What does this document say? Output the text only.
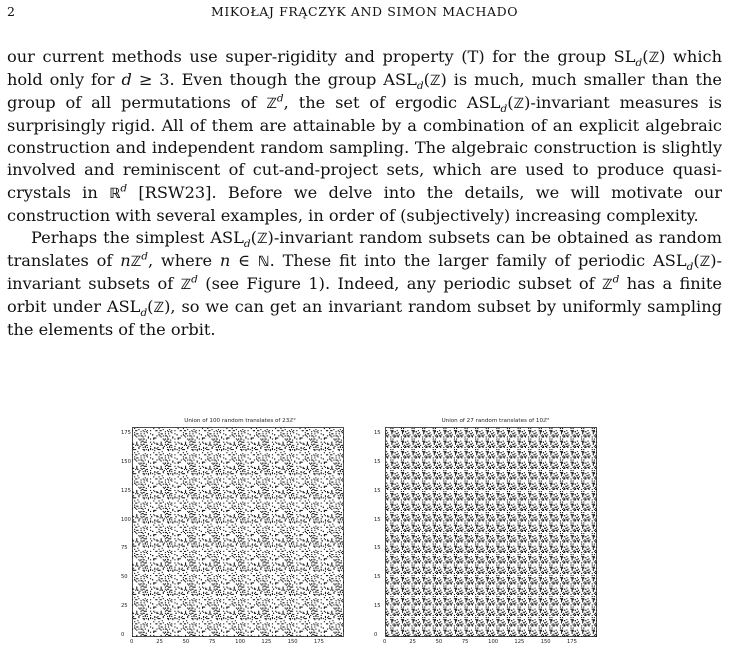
2	MIKOŁAJ FRĄCZYK AND SIMON MACHADO

our current methods use super-rigidity and property (T) for the group $SL_d(ℤ)$ which hold only for d ≥ 3. Even though the group $ASL_d(ℤ)$ is much, much smaller than the group of all permutations of ℤ$^d$, the set of ergodic $ASL_d(ℤ)$-invariant measures is surprisingly rigid. All of them are attainable by a combination of an explicit algebraic construction and independent random sampling. The algebraic construction is slightly involved and reminiscent of cut-and-project sets, which are used to produce quasi-crystals in ℝ$^d$ [RSW23]. Before we delve into the details, we will motivate our construction with several examples, in order of (subjectively) increasing complexity.

Perhaps the simplest $ASL_d(ℤ)$-invariant random subsets can be obtained as random translates of nℤ$^d$, where n ∈ ℕ. These fit into the larger family of periodic $ASL_d(ℤ)$-invariant subsets of ℤ$^d$ (see Figure 1). Indeed, any periodic subset of ℤ$^d$ has a finite orbit under $ASL_d(ℤ)$, so we can get an invariant random subset by uniformly sampling the elements of the orbit.

Union of 100 random translates of 23ℤ²
175
150
125
100
75
50
25
0
0	25	50	75	100	125	150	175
Union of 27 random translates of 10ℤ²
15
15
15
15
15
15
15
0
0	25	50	75	100	125	150	175
